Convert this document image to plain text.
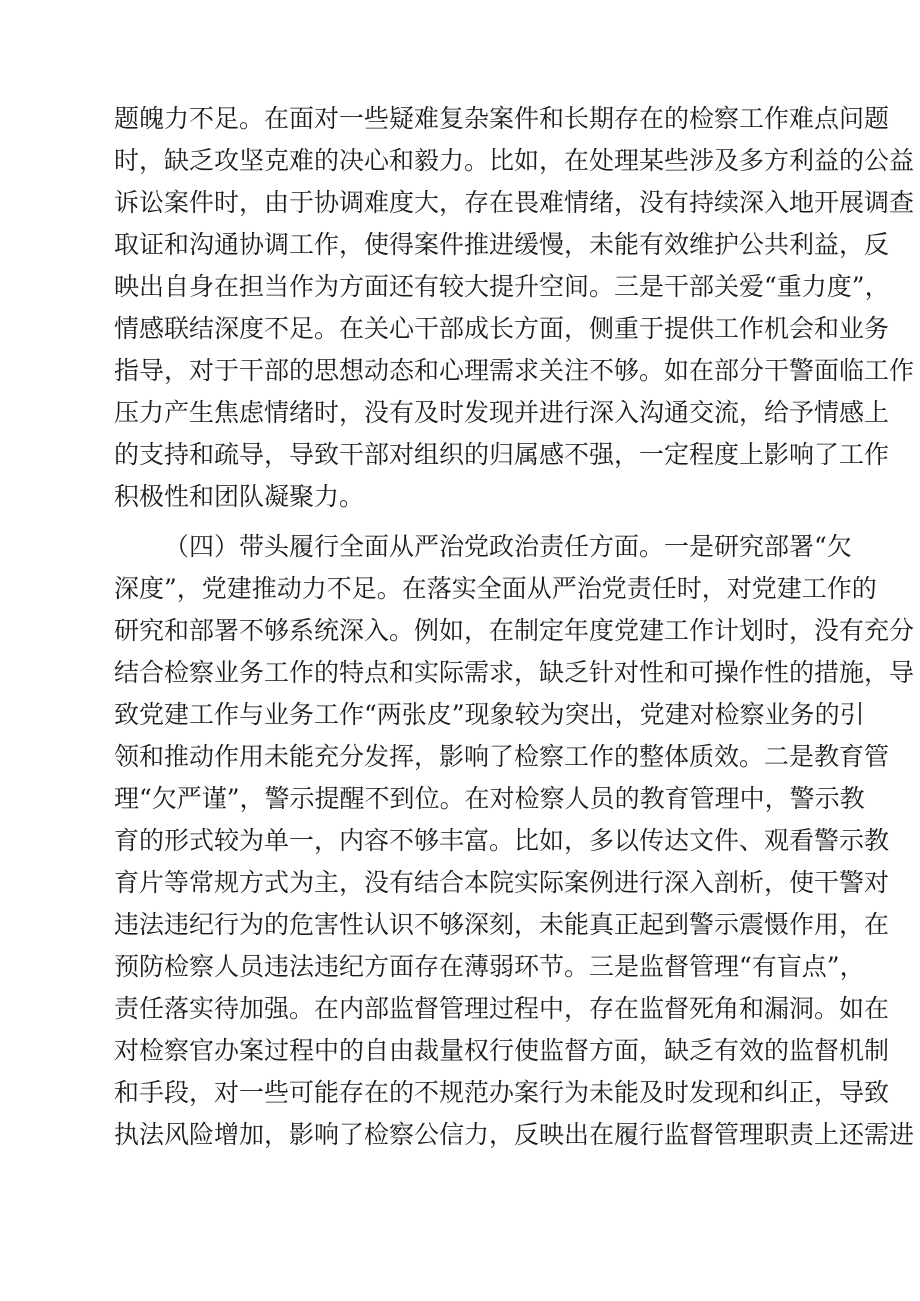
题魄力不足。在面对一些疑难复杂案件和长期存在的检察工作难点问题
时，缺乏攻坚克难的决心和毅力。比如，在处理某些涉及多方利益的公益
诉讼案件时，由于协调难度大，存在畏难情绪，没有持续深入地开展调查
取证和沟通协调工作，使得案件推进缓慢，未能有效维护公共利益，反
映出自身在担当作为方面还有较大提升空间。三是干部关爱“重力度”，
情感联结深度不足。在关心干部成长方面，侧重于提供工作机会和业务
指导，对于干部的思想动态和心理需求关注不够。如在部分干警面临工作
压力产生焦虑情绪时，没有及时发现并进行深入沟通交流，给予情感上
的支持和疏导，导致干部对组织的归属感不强，一定程度上影响了工作
积极性和团队凝聚力。
（四）带头履行全面从严治党政治责任方面。一是研究部署“欠
深度”，党建推动力不足。在落实全面从严治党责任时，对党建工作的
研究和部署不够系统深入。例如，在制定年度党建工作计划时，没有充分
结合检察业务工作的特点和实际需求，缺乏针对性和可操作性的措施，导
致党建工作与业务工作“两张皮”现象较为突出，党建对检察业务的引
领和推动作用未能充分发挥，影响了检察工作的整体质效。二是教育管
理“欠严谨”，警示提醒不到位。在对检察人员的教育管理中，警示教
育的形式较为单一，内容不够丰富。比如，多以传达文件、观看警示教
育片等常规方式为主，没有结合本院实际案例进行深入剖析，使干警对
违法违纪行为的危害性认识不够深刻，未能真正起到警示震慑作用，在
预防检察人员违法违纪方面存在薄弱环节。三是监督管理“有盲点”，
责任落实待加强。在内部监督管理过程中，存在监督死角和漏洞。如在
对检察官办案过程中的自由裁量权行使监督方面，缺乏有效的监督机制
和手段，对一些可能存在的不规范办案行为未能及时发现和纠正，导致
执法风险增加，影响了检察公信力，反映出在履行监督管理职责上还需进
